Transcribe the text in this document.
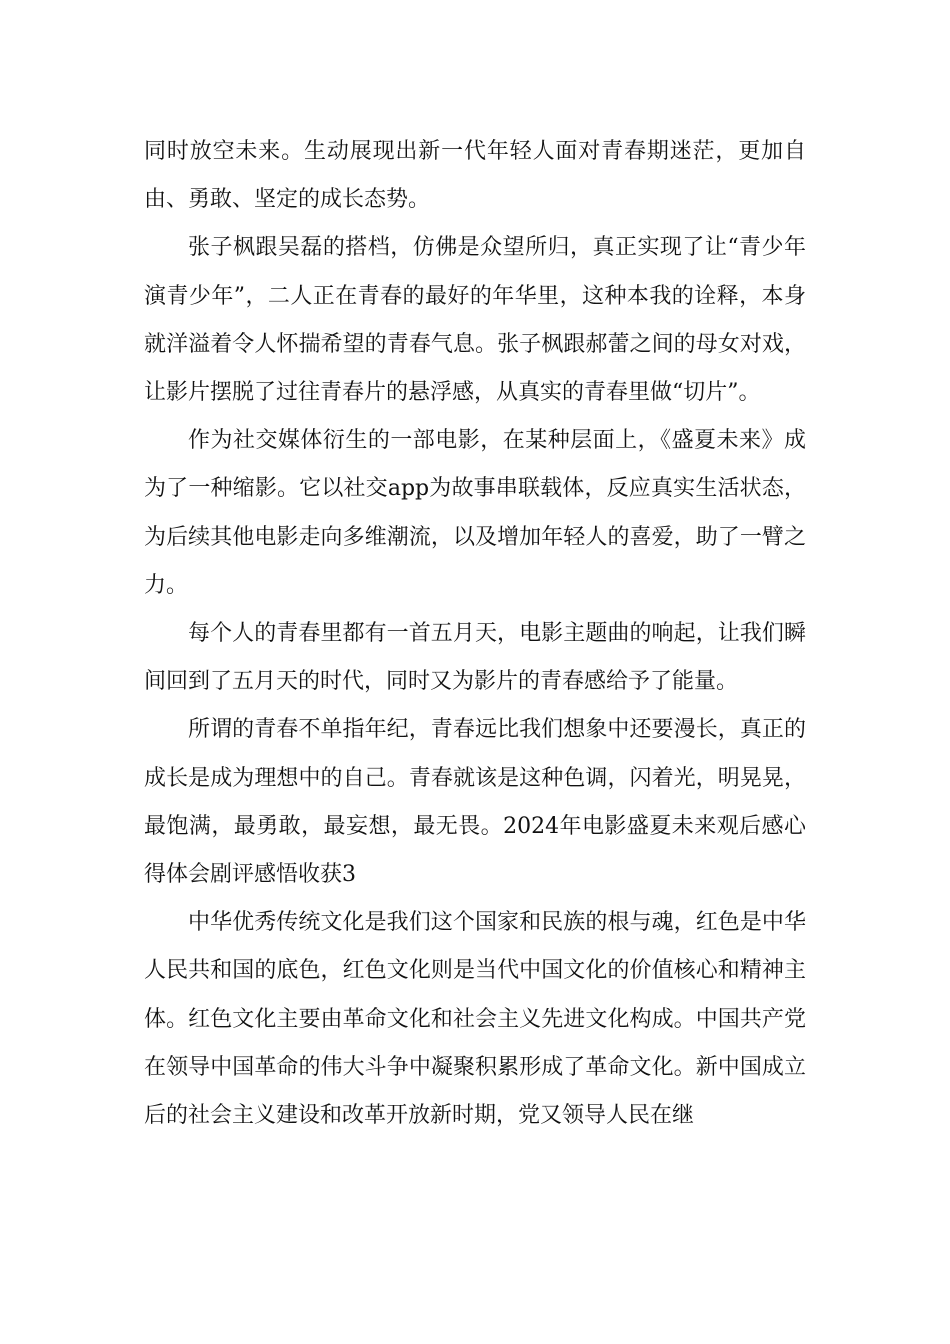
同时放空未来。生动展现出新一代年轻人面对青春期迷茫，更加自由、勇敢、坚定的成长态势。

张子枫跟吴磊的搭档，仿佛是众望所归，真正实现了让“青少年演青少年”，二人正在青春的最好的年华里，这种本我的诠释，本身就洋溢着令人怀揣希望的青春气息。张子枫跟郝蕾之间的母女对戏，让影片摆脱了过往青春片的悬浮感，从真实的青春里做“切片”。

作为社交媒体衍生的一部电影，在某种层面上，《盛夏未来》成为了一种缩影。它以社交app为故事串联载体，反应真实生活状态，为后续其他电影走向多维潮流，以及增加年轻人的喜爱，助了一臂之力。

每个人的青春里都有一首五月天，电影主题曲的响起，让我们瞬间回到了五月天的时代，同时又为影片的青春感给予了能量。

所谓的青春不单指年纪，青春远比我们想象中还要漫长，真正的成长是成为理想中的自己。青春就该是这种色调，闪着光，明晃晃，最饱满，最勇敢，最妄想，最无畏。2024年电影盛夏未来观后感心得体会剧评感悟收获3

中华优秀传统文化是我们这个国家和民族的根与魂，红色是中华人民共和国的底色，红色文化则是当代中国文化的价值核心和精神主体。红色文化主要由革命文化和社会主义先进文化构成。中国共产党在领导中国革命的伟大斗争中凝聚积累形成了革命文化。新中国成立后的社会主义建设和改革开放新时期，党又领导人民在继
